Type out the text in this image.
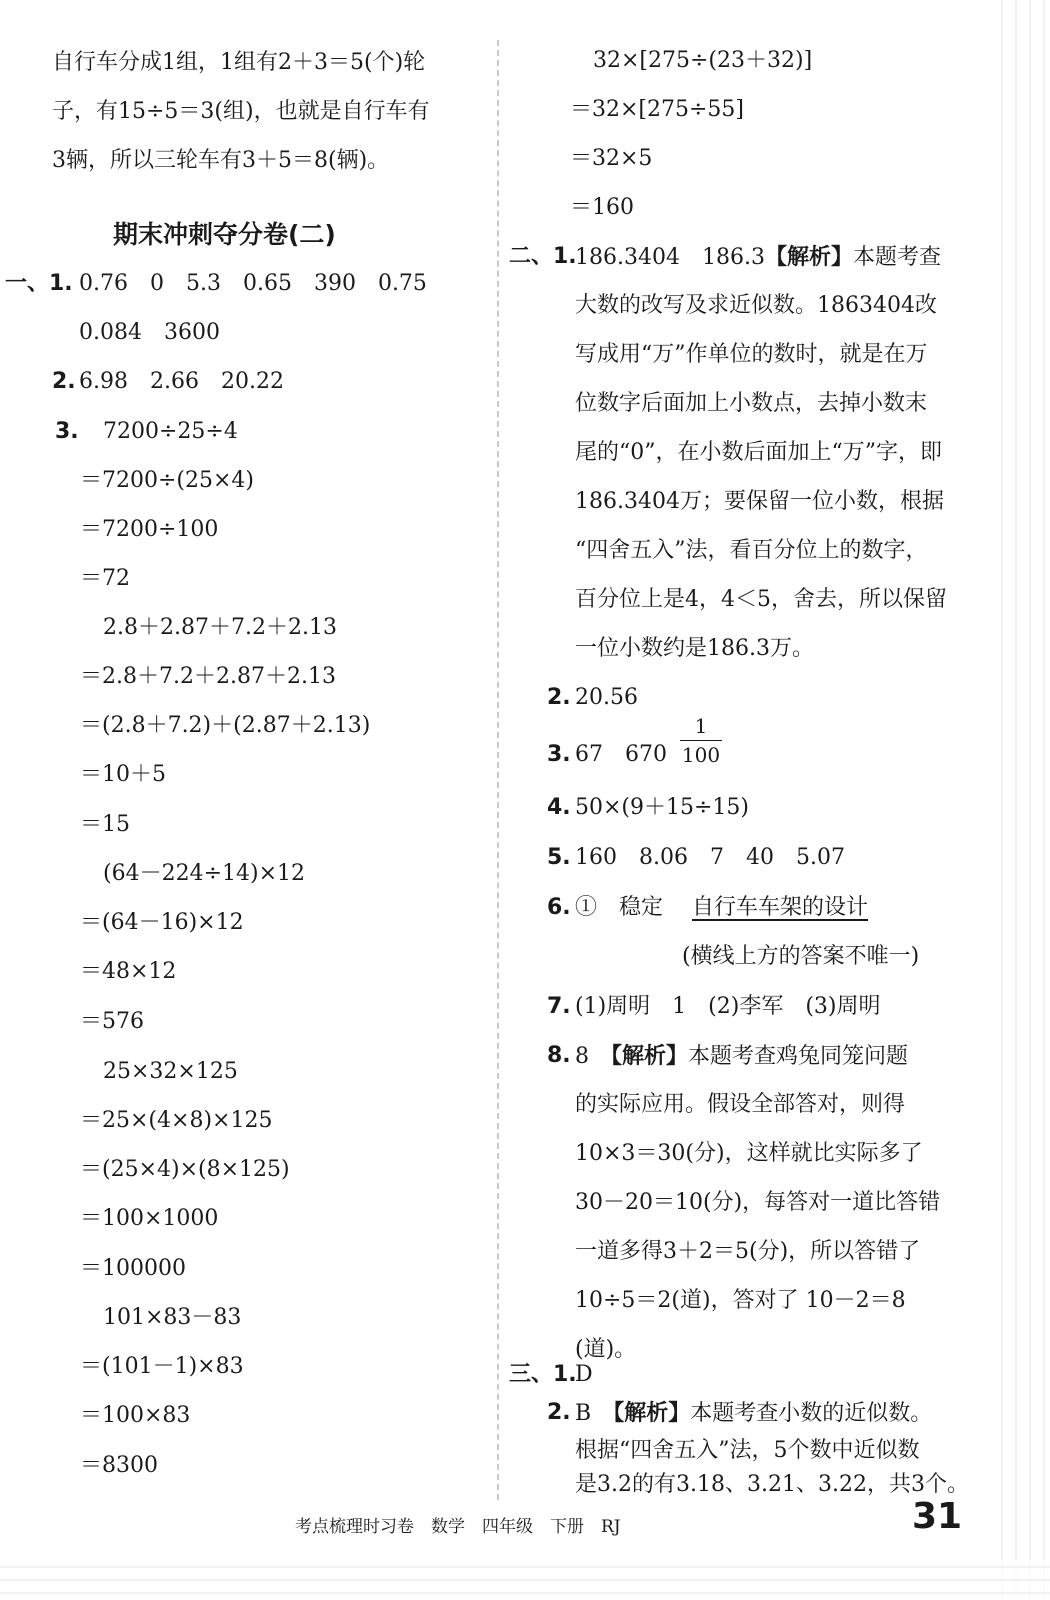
自行车分成1组，1组有2＋3＝5(个)轮
子，有15÷5＝3(组)，也就是自行车有
3辆，所以三轮车有3＋5＝8(辆)。
期末冲刺夺分卷(二)
一、1. 0.76　0　5.3　0.65　390　0.75
0.084　3600
2. 6.98　2.66　20.22
3. 7200÷25÷4
＝7200÷(25×4)
＝7200÷100
＝72
2.8＋2.87＋7.2＋2.13
＝2.8＋7.2＋2.87＋2.13
＝(2.8＋7.2)＋(2.87＋2.13)
＝10＋5
＝15
(64－224÷14)×12
＝(64－16)×12
＝48×12
＝576
25×32×125
＝25×(4×8)×125
＝(25×4)×(8×125)
＝100×1000
＝100000
101×83－83
＝(101－1)×83
＝100×83
＝8300
32×[275÷(23＋32)]
＝32×[275÷55]
＝32×5
＝160
二、1.
186.3404　186.3【解析】本题考查
大数的改写及求近似数。1863404改
写成用“万”作单位的数时，就是在万
位数字后面加上小数点，去掉小数末
尾的“0”，在小数后面加上“万”字，即
186.3404万；要保留一位小数，根据
“四舍五入”法，看百分位上的数字，
百分位上是4，4＜5，舍去，所以保留
一位小数约是186.3万。
2. 20.56
3. 67　670
1
100
4. 50×(9＋15÷15)
5. 160　8.06　7　40　5.07
6. ①　稳定　 自行车车架的设计
(横线上方的答案不唯一)
7. (1)周明　1　(2)李军　(3)周明
8. 8　 【解析】本题考查鸡兔同笼问题
的实际应用。假设全部答对，则得
10×3＝30(分)，这样就比实际多了
30－20＝10(分)，每答对一道比答错
一道多得3＋2＝5(分)，所以答错了
10÷5＝2(道)，答对了 10－2＝8
(道)。
三、1.
D
2. B　 【解析】本题考查小数的近似数。
根据“四舍五入”法，5个数中近似数
是3.2的有3.18、3.21、3.22，共3个。
考点梳理时习卷　数学　四年级　下册　RJ	31
